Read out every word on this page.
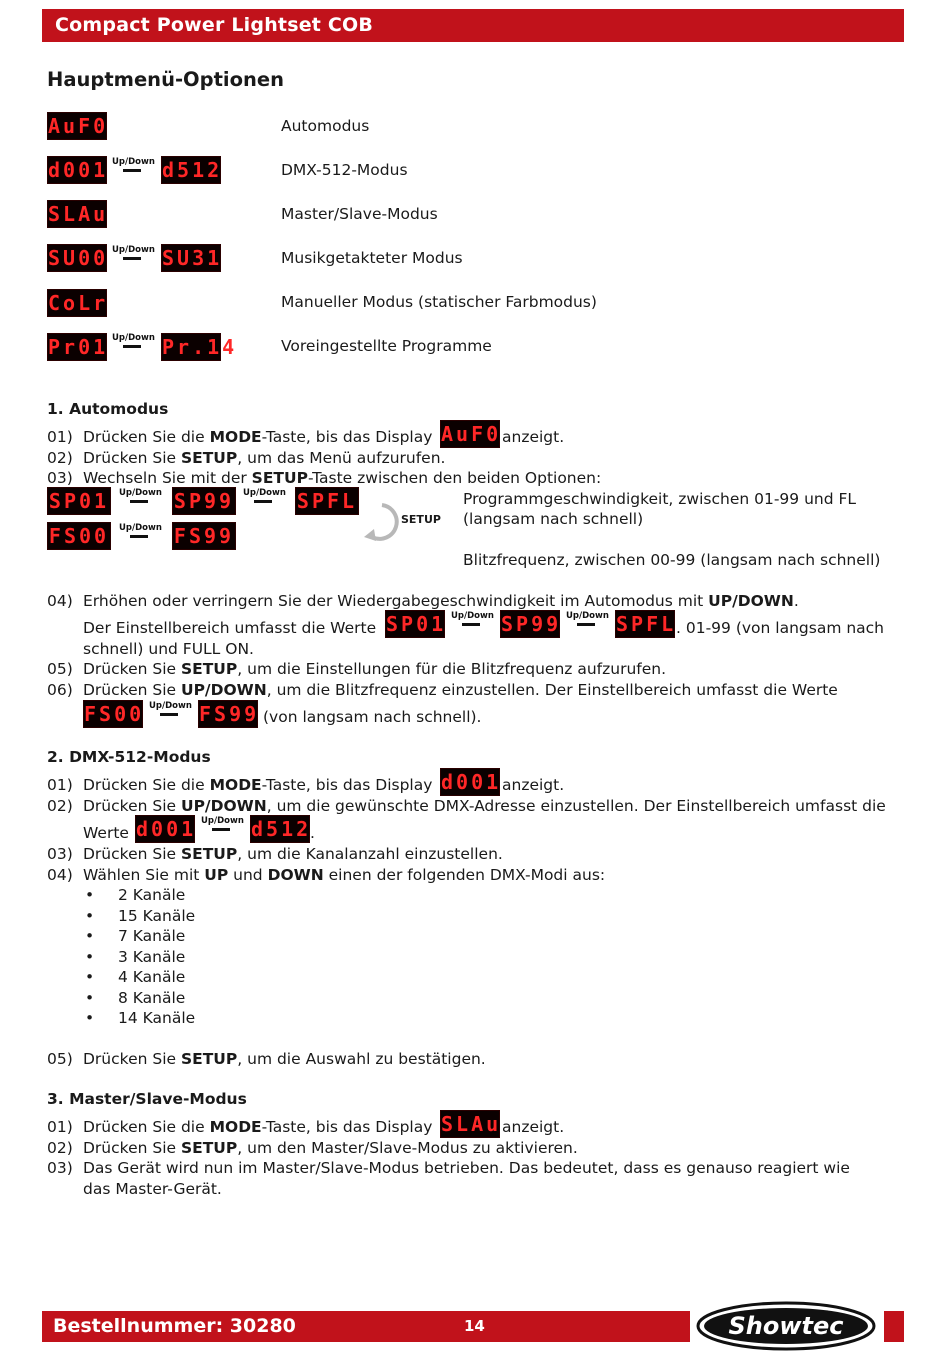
Compact Power Lightset COB
Hauptmenü-Optionen
AuF0	Automodus
d001 Up/Down d512	DMX-512-Modus
SLAu	Master/Slave-Modus
SU00 Up/Down SU31	Musikgetakteter Modus
CoLr	Manueller Modus (statischer Farbmodus)
Pr01 Up/Down Pr.14	Voreingestellte Programme
1. Automodus
01) Drücken Sie die MODE-Taste, bis das Display AuF0 anzeigt.
02) Drücken Sie SETUP, um das Menü aufzurufen.
03) Wechseln Sie mit der SETUP-Taste zwischen den beiden Optionen:
SP01 Up/Down SP99 Up/Down SPFL
FS00 Up/Down FS99
SETUP
Programmgeschwindigkeit, zwischen 01-99 und FL
(langsam nach schnell)
Blitzfrequenz, zwischen 00-99 (langsam nach schnell)
04) Erhöhen oder verringern Sie der Wiedergabegeschwindigkeit im Automodus mit UP/DOWN.
Der Einstellbereich umfasst die Werte SP01 Up/Down SP99 Up/Down SPFL . 01-99 (von langsam nach
schnell) und FULL ON.
05) Drücken Sie SETUP, um die Einstellungen für die Blitzfrequenz aufzurufen.
06) Drücken Sie UP/DOWN, um die Blitzfrequenz einzustellen. Der Einstellbereich umfasst die Werte
FS00 Up/Down FS99 (von langsam nach schnell).
2. DMX-512-Modus
01) Drücken Sie die MODE-Taste, bis das Display d001 anzeigt.
02) Drücken Sie UP/DOWN, um die gewünschte DMX-Adresse einzustellen. Der Einstellbereich umfasst die
Werte d001 Up/Down d512
.
03) Drücken Sie SETUP, um die Kanalanzahl einzustellen.
04) Wählen Sie mit UP und DOWN einen der folgenden DMX-Modi aus:
• 2 Kanäle
• 15 Kanäle
• 7 Kanäle
• 3 Kanäle
• 4 Kanäle
• 8 Kanäle
• 14 Kanäle
05) Drücken Sie SETUP, um die Auswahl zu bestätigen.
3. Master/Slave-Modus
01) Drücken Sie die MODE-Taste, bis das Display SLAu anzeigt.
02) Drücken Sie SETUP, um den Master/Slave-Modus zu aktivieren.
03) Das Gerät wird nun im Master/Slave-Modus betrieben. Das bedeutet, dass es genauso reagiert wie
das Master-Gerät.
Bestellnummer: 30280	14	Showtec
